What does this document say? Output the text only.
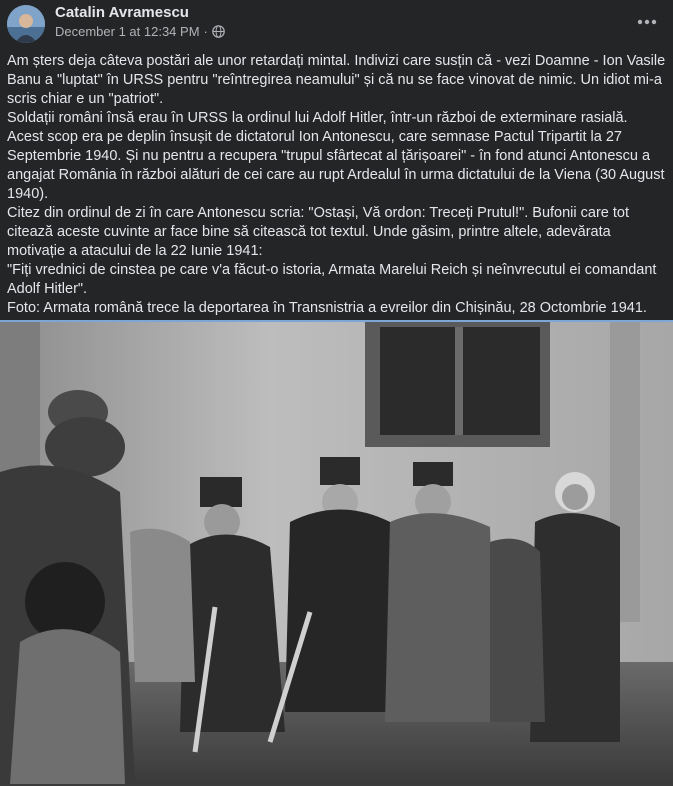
Catalin Avramescu
December 1 at 12:34 PM ·

Am șters deja câteva postări ale unor retardați mintal. Indivizi care susțin că - vezi Doamne - Ion Vasile Banu a "luptat" în URSS pentru "reîntregirea neamului" și că nu se face vinovat de nimic. Un idiot mi-a scris chiar e un "patriot".

Soldații români însă erau în URSS la ordinul lui Adolf Hitler, într-un război de exterminare rasială. Acest scop era pe deplin însușit de dictatorul Ion Antonescu, care semnase Pactul Tripartit la 27 Septembrie 1940. Și nu pentru a recupera "trupul sfârtecat al țărișoarei" - în fond atunci Antonescu a angajat România în război alături de cei care au rupt Ardealul în urma dictatului de la Viena (30 August 1940).

Citez din ordinul de zi în care Antonescu scria: "Ostași, Vă ordon: Treceți Prutul!". Bufonii care tot citează aceste cuvinte ar face bine să citească tot textul. Unde găsim, printre altele, adevărata motivație a atacului de la 22 Iunie 1941:

"Fiți vrednici de cinstea pe care v'a făcut-o istoria, Armata Marelui Reich și neînvrecutul ei comandant Adolf Hitler".

Foto: Armata română trece la deportarea în Transnistria a evreilor din Chișinău, 28 Octombrie 1941.
